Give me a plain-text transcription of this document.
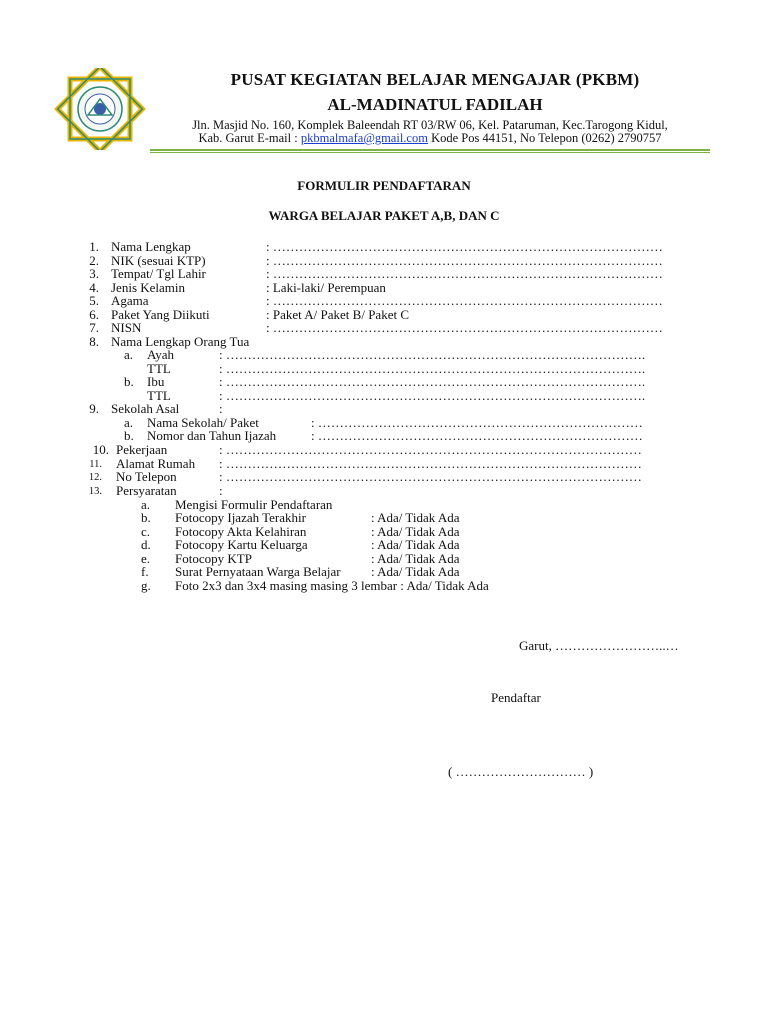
PUSAT KEGIATAN BELAJAR MENGAJAR (PKBM)
AL-MADINATUL FADILAH
Jln. Masjid No. 160, Komplek Baleendah RT 03/RW 06, Kel. Pataruman, Kec.Tarogong Kidul,
Kab. Garut E-mail : pkbmalmafa@gmail.com Kode Pos 44151, No Telepon (0262) 2790757
FORMULIR PENDAFTARAN
WARGA BELAJAR PAKET A,B, DAN C
1. Nama Lengkap	: ………………………………………………………………………………
2. NIK (sesuai KTP)	: ………………………………………………………………………………
3. Tempat/ Tgl Lahir	: ………………………………………………………………………………
4. Jenis Kelamin	: Laki-laki/ Perempuan
5. Agama	: ………………………………………………………………………………
6. Paket Yang Diikuti	: Paket A/ Paket B/ Paket C
7. NISN	: ………………………………………………………………………………
8. Nama Lengkap Orang Tua
a. Ayah	: …………………………………………………………………………………….
TTL	: …………………………………………………………………………………….
b. Ibu	: …………………………………………………………………………………….
TTL	: …………………………………………………………………………………….
9. Sekolah Asal	:
a. Nama Sekolah/ Paket	: …………………………………………………………………
b. Nomor dan Tahun Ijazah	: …………………………………………………………………
10. Pekerjaan	: ……………………………………………………………………………………
11. Alamat Rumah : ……………………………………………………………………………………
12. No Telepon	: ……………………………………………………………………………………
13. Persyaratan	:
a. Mengisi Formulir Pendaftaran
b. Fotocopy Ijazah Terakhir	: Ada/ Tidak Ada
c. Fotocopy Akta Kelahiran	: Ada/ Tidak Ada
d. Fotocopy Kartu Keluarga	: Ada/ Tidak Ada
e. Fotocopy KTP	: Ada/ Tidak Ada
f. Surat Pernyataan Warga Belajar : Ada/ Tidak Ada
g. Foto 2x3 dan 3x4 masing masing 3 lembar : Ada/ Tidak Ada
Garut, ……………………..…
Pendaftar
( ………………………… )
